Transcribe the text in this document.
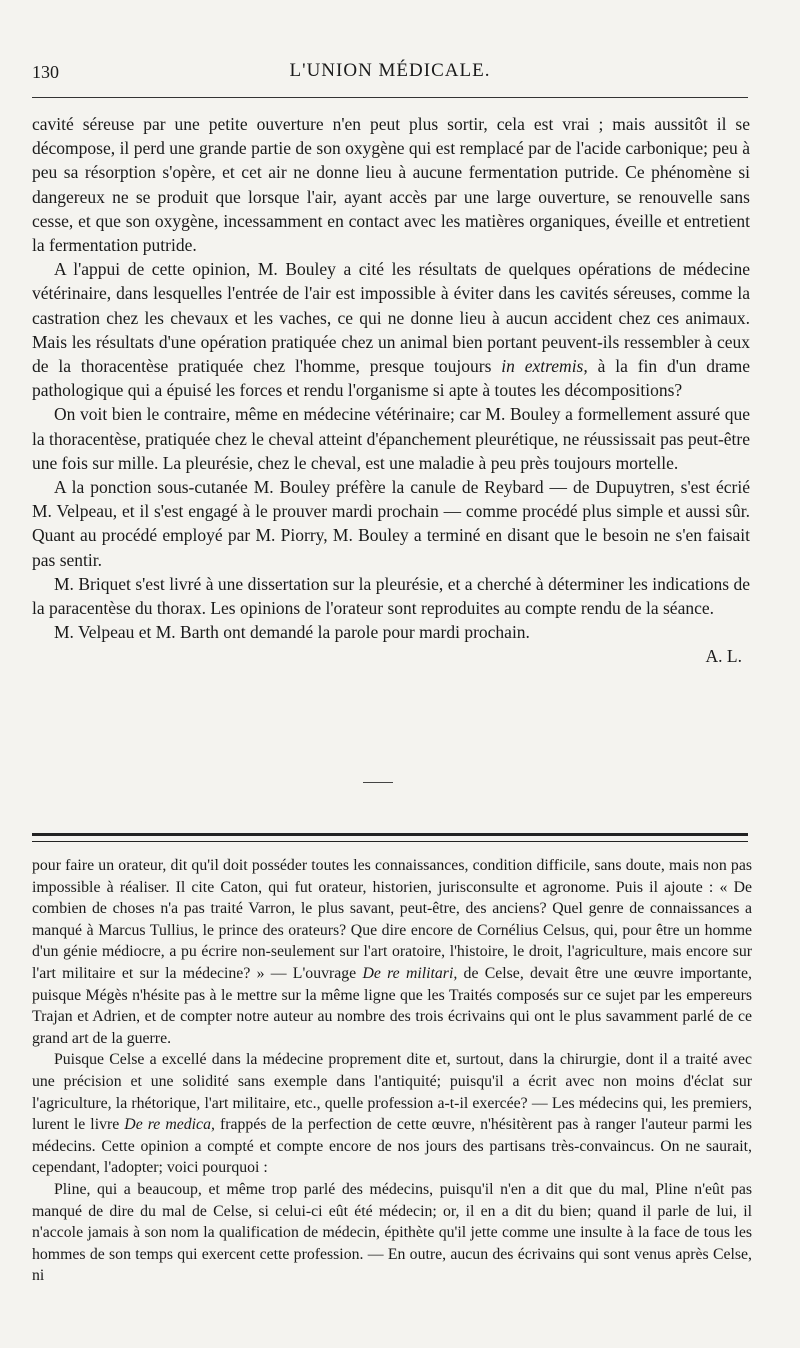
130	L'UNION MÉDICALE.

cavité séreuse par une petite ouverture n'en peut plus sortir, cela est vrai ; mais aussitôt il se décompose, il perd une grande partie de son oxygène qui est remplacé par de l'acide carbonique; peu à peu sa résorption s'opère, et cet air ne donne lieu à aucune fermentation putride. Ce phénomène si dangereux ne se produit que lorsque l'air, ayant accès par une large ouverture, se renouvelle sans cesse, et que son oxygène, incessamment en contact avec les matières organiques, éveille et entretient la fermentation putride.

A l'appui de cette opinion, M. Bouley a cité les résultats de quelques opérations de médecine vétérinaire, dans lesquelles l'entrée de l'air est impossible à éviter dans les cavités séreuses, comme la castration chez les chevaux et les vaches, ce qui ne donne lieu à aucun accident chez ces animaux. Mais les résultats d'une opération pratiquée chez un animal bien portant peuvent-ils ressembler à ceux de la thoracentèse pratiquée chez l'homme, presque toujours in extremis, à la fin d'un drame pathologique qui a épuisé les forces et rendu l'organisme si apte à toutes les décompositions?

On voit bien le contraire, même en médecine vétérinaire; car M. Bouley a formellement assuré que la thoracentèse, pratiquée chez le cheval atteint d'épanchement pleurétique, ne réussissait pas peut-être une fois sur mille. La pleurésie, chez le cheval, est une maladie à peu près toujours mortelle.

A la ponction sous-cutanée M. Bouley préfère la canule de Reybard — de Dupuytren, s'est écrié M. Velpeau, et il s'est engagé à le prouver mardi prochain — comme procédé plus simple et aussi sûr. Quant au procédé employé par M. Piorry, M. Bouley a terminé en disant que le besoin ne s'en faisait pas sentir.

M. Briquet s'est livré à une dissertation sur la pleurésie, et a cherché à déterminer les indications de la paracentèse du thorax. Les opinions de l'orateur sont reproduites au compte rendu de la séance.

M. Velpeau et M. Barth ont demandé la parole pour mardi prochain.

A. L.

pour faire un orateur, dit qu'il doit posséder toutes les connaissances, condition difficile, sans doute, mais non pas impossible à réaliser. Il cite Caton, qui fut orateur, historien, jurisconsulte et agronome. Puis il ajoute : « De combien de choses n'a pas traité Varron, le plus savant, peut-être, des anciens? Quel genre de connaissances a manqué à Marcus Tullius, le prince des orateurs? Que dire encore de Cornélius Celsus, qui, pour être un homme d'un génie médiocre, a pu écrire non-seulement sur l'art oratoire, l'histoire, le droit, l'agriculture, mais encore sur l'art militaire et sur la médecine? » — L'ouvrage De re militari, de Celse, devait être une œuvre importante, puisque Mégès n'hésite pas à le mettre sur la même ligne que les Traités composés sur ce sujet par les empereurs Trajan et Adrien, et de compter notre auteur au nombre des trois écrivains qui ont le plus savamment parlé de ce grand art de la guerre.

Puisque Celse a excellé dans la médecine proprement dite et, surtout, dans la chirurgie, dont il a traité avec une précision et une solidité sans exemple dans l'antiquité; puisqu'il a écrit avec non moins d'éclat sur l'agriculture, la rhétorique, l'art militaire, etc., quelle profession a-t-il exercée? — Les médecins qui, les premiers, lurent le livre De re medica, frappés de la perfection de cette œuvre, n'hésitèrent pas à ranger l'auteur parmi les médecins. Cette opinion a compté et compte encore de nos jours des partisans très-convaincus. On ne saurait, cependant, l'adopter; voici pourquoi :

Pline, qui a beaucoup, et même trop parlé des médecins, puisqu'il n'en a dit que du mal, Pline n'eût pas manqué de dire du mal de Celse, si celui-ci eût été médecin; or, il en a dit du bien; quand il parle de lui, il n'accole jamais à son nom la qualification de médecin, épithète qu'il jette comme une insulte à la face de tous les hommes de son temps qui exercent cette profession. — En outre, aucun des écrivains qui sont venus après Celse, ni
